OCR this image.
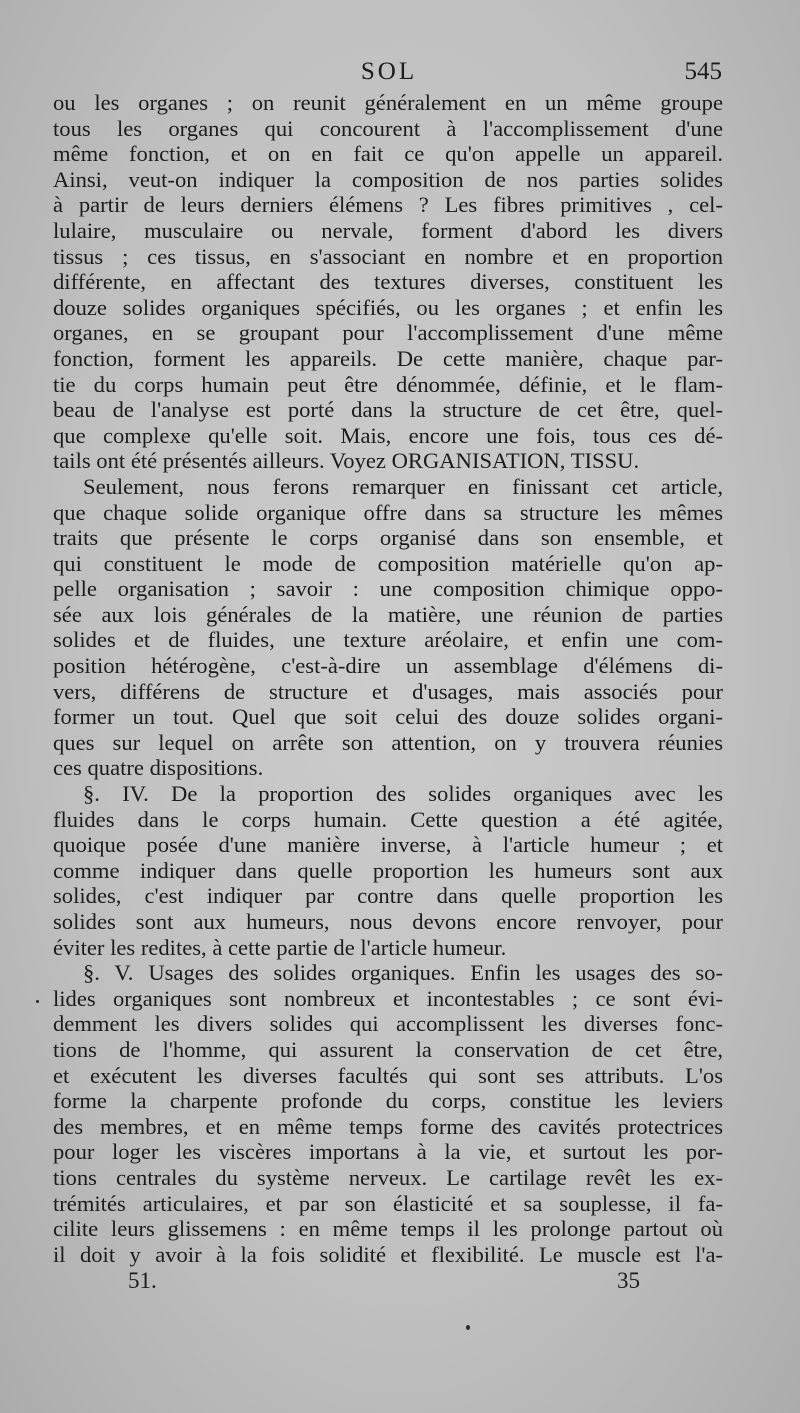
SOL	545
ou les organes ; on reunit généralement en un même groupe
tous les organes qui concourent à l'accomplissement d'une
même fonction, et on en fait ce qu'on appelle un appareil.
Ainsi, veut-on indiquer la composition de nos parties solides
à partir de leurs derniers élémens ? Les fibres primitives , cel-
lulaire, musculaire ou nervale, forment d'abord les divers
tissus ; ces tissus, en s'associant en nombre et en proportion
différente, en affectant des textures diverses, constituent les
douze solides organiques spécifiés, ou les organes ; et enfin les
organes, en se groupant pour l'accomplissement d'une même
fonction, forment les appareils. De cette manière, chaque par-
tie du corps humain peut être dénommée, définie, et le flam-
beau de l'analyse est porté dans la structure de cet être, quel-
que complexe qu'elle soit. Mais, encore une fois, tous ces dé-
tails ont été présentés ailleurs. Voyez ORGANISATION, TISSU.
Seulement, nous ferons remarquer en finissant cet article,
que chaque solide organique offre dans sa structure les mêmes
traits que présente le corps organisé dans son ensemble, et
qui constituent le mode de composition matérielle qu'on ap-
pelle organisation ; savoir : une composition chimique oppo-
sée aux lois générales de la matière, une réunion de parties
solides et de fluides, une texture aréolaire, et enfin une com-
position hétérogène, c'est-à-dire un assemblage d'élémens di-
vers, différens de structure et d'usages, mais associés pour
former un tout. Quel que soit celui des douze solides organi-
ques sur lequel on arrête son attention, on y trouvera réunies
ces quatre dispositions.
§. IV. De la proportion des solides organiques avec les
fluides dans le corps humain. Cette question a été agitée,
quoique posée d'une manière inverse, à l'article humeur ; et
comme indiquer dans quelle proportion les humeurs sont aux
solides, c'est indiquer par contre dans quelle proportion les
solides sont aux humeurs, nous devons encore renvoyer, pour
éviter les redites, à cette partie de l'article humeur.
§. V. Usages des solides organiques. Enfin les usages des so-
lides organiques sont nombreux et incontestables ; ce sont évi-
demment les divers solides qui accomplissent les diverses fonc-
tions de l'homme, qui assurent la conservation de cet être,
et exécutent les diverses facultés qui sont ses attributs. L'os
forme la charpente profonde du corps, constitue les leviers
des membres, et en même temps forme des cavités protectrices
pour loger les viscères importans à la vie, et surtout les por-
tions centrales du système nerveux. Le cartilage revêt les ex-
trémités articulaires, et par son élasticité et sa souplesse, il fa-
cilite leurs glissemens : en même temps il les prolonge partout où
il doit y avoir à la fois solidité et flexibilité. Le muscle est l'a-
51.	35
